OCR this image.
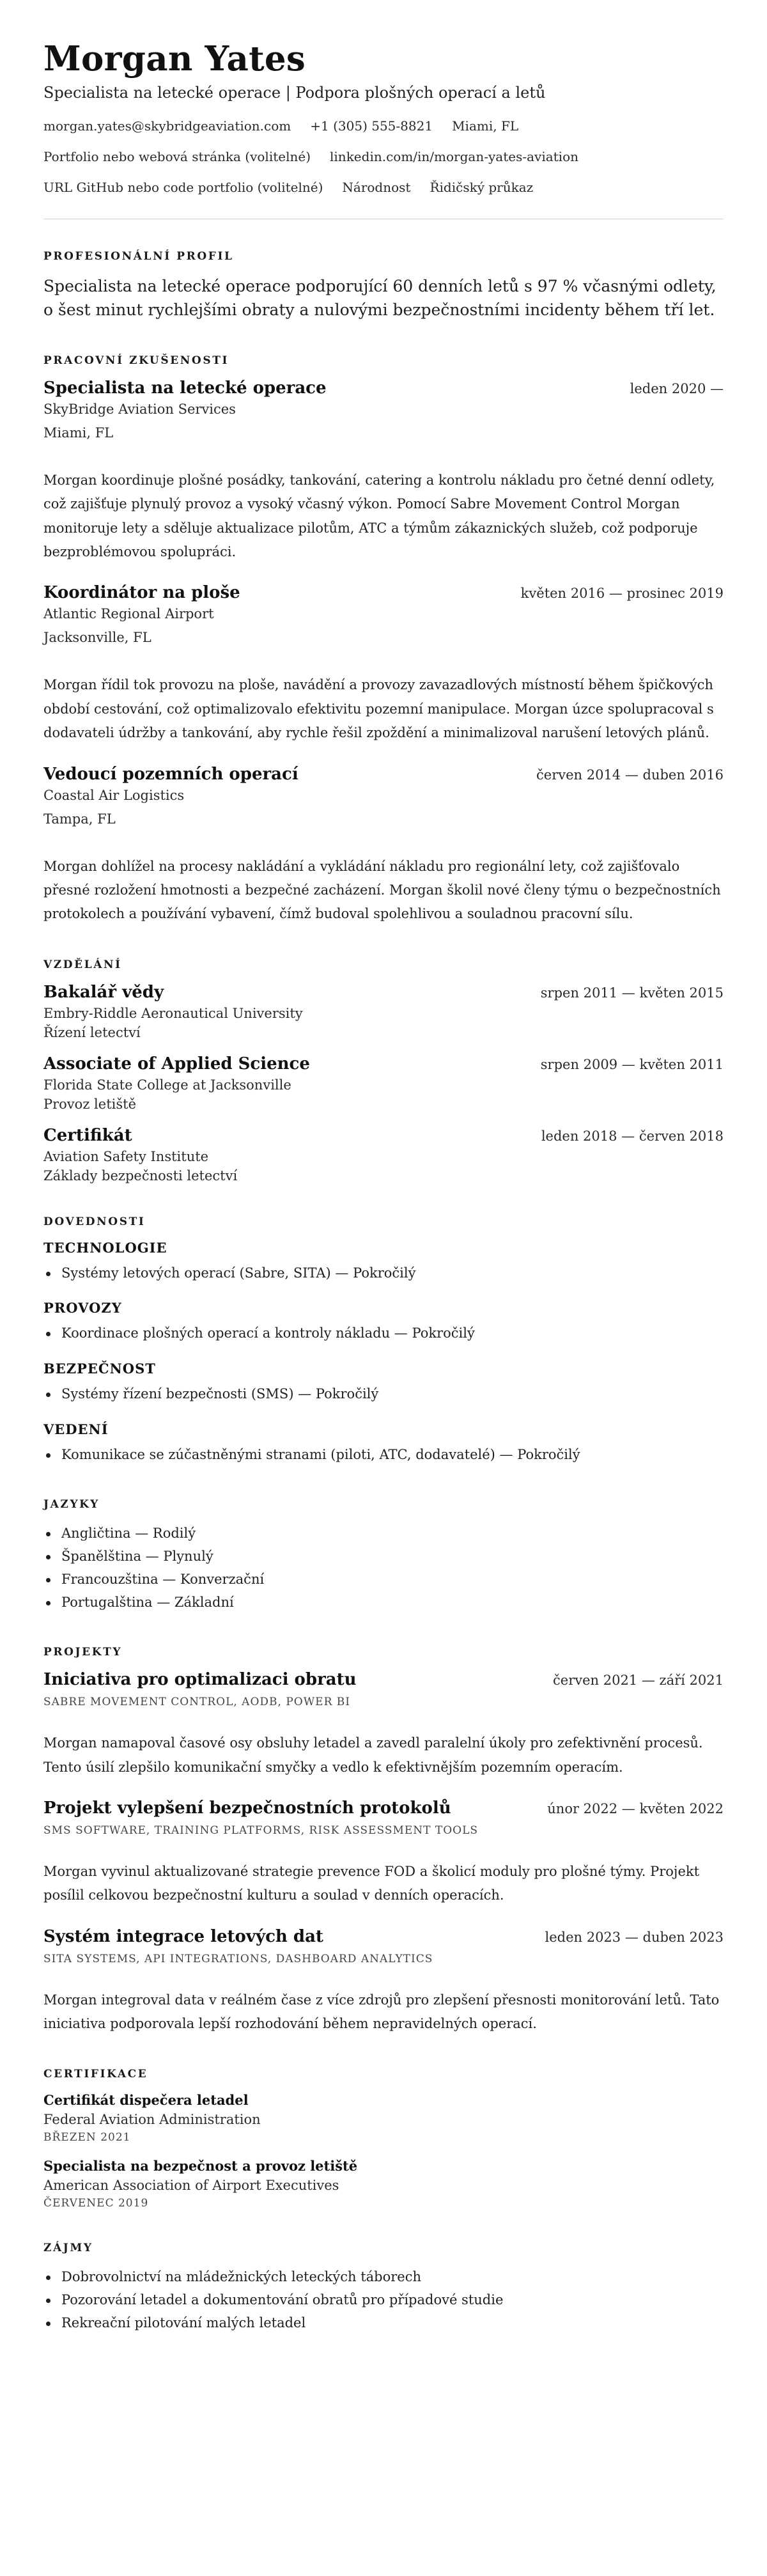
Morgan Yates
Specialista na letecké operace | Podpora plošných operací a letů
morgan.yates@skybridgeaviation.com +1 (305) 555-8821 Miami, FL
Portfolio nebo webová stránka (volitelné) linkedin.com/in/morgan-yates-aviation
URL GitHub nebo code portfolio (volitelné) Národnost Řidičský průkaz
PROFESIONÁLNÍ PROFIL

Specialista na letecké operace podporující 60 denních letů s 97 % včasnými odlety, o šest minut rychlejšími obraty a nulovými bezpečnostními incidenty během tří let.

PRACOVNÍ ZKUŠENOSTI
Specialista na letecké operace	leden 2020 —
SkyBridge Aviation Services
Miami, FL

Morgan koordinuje plošné posádky, tankování, catering a kontrolu nákladu pro četné denní odlety, což zajišťuje plynulý provoz a vysoký včasný výkon. Pomocí Sabre Movement Control Morgan monitoruje lety a sděluje aktualizace pilotům, ATC a týmům zákaznických služeb, což podporuje bezproblémovou spolupráci.

Koordinátor na ploše	květen 2016 — prosinec 2019
Atlantic Regional Airport
Jacksonville, FL

Morgan řídil tok provozu na ploše, navádění a provozy zavazadlových místností během špičkových období cestování, což optimalizovalo efektivitu pozemní manipulace. Morgan úzce spolupracoval s dodavateli údržby a tankování, aby rychle řešil zpoždění a minimalizoval narušení letových plánů.

Vedoucí pozemních operací	červen 2014 — duben 2016
Coastal Air Logistics
Tampa, FL

Morgan dohlížel na procesy nakládání a vykládání nákladu pro regionální lety, což zajišťovalo přesné rozložení hmotnosti a bezpečné zacházení. Morgan školil nové členy týmu o bezpečnostních protokolech a používání vybavení, čímž budoval spolehlivou a souladnou pracovní sílu.

VZDĚLÁNÍ
Bakalář vědy	srpen 2011 — květen 2015
Embry-Riddle Aeronautical University
Řízení letectví
Associate of Applied Science	srpen 2009 — květen 2011
Florida State College at Jacksonville
Provoz letiště
Certifikát	leden 2018 — červen 2018
Aviation Safety Institute
Základy bezpečnosti letectví
DOVEDNOSTI
TECHNOLOGIE
Systémy letových operací (Sabre, SITA) — Pokročilý
PROVOZY
Koordinace plošných operací a kontroly nákladu — Pokročilý
BEZPEČNOST
Systémy řízení bezpečnosti (SMS) — Pokročilý
VEDENÍ
Komunikace se zúčastněnými stranami (piloti, ATC, dodavatelé) — Pokročilý
JAZYKY
Angličtina — Rodilý
Španělština — Plynulý
Francouzština — Konverzační
Portugalština — Základní
PROJEKTY
Iniciativa pro optimalizaci obratu	červen 2021 — září 2021
SABRE MOVEMENT CONTROL, AODB, POWER BI

Morgan namapoval časové osy obsluhy letadel a zavedl paralelní úkoly pro zefektivnění procesů. Tento úsilí zlepšilo komunikační smyčky a vedlo k efektivnějším pozemním operacím.

Projekt vylepšení bezpečnostních protokolů	únor 2022 — květen 2022
SMS SOFTWARE, TRAINING PLATFORMS, RISK ASSESSMENT TOOLS

Morgan vyvinul aktualizované strategie prevence FOD a školicí moduly pro plošné týmy. Projekt posílil celkovou bezpečnostní kulturu a soulad v denních operacích.

Systém integrace letových dat	leden 2023 — duben 2023
SITA SYSTEMS, API INTEGRATIONS, DASHBOARD ANALYTICS

Morgan integroval data v reálném čase z více zdrojů pro zlepšení přesnosti monitorování letů. Tato iniciativa podporovala lepší rozhodování během nepravidelných operací.

CERTIFIKACE
Certifikát dispečera letadel
Federal Aviation Administration
BŘEZEN 2021
Specialista na bezpečnost a provoz letiště
American Association of Airport Executives
ČERVENEC 2019
ZÁJMY
Dobrovolnictví na mládežnických leteckých táborech
Pozorování letadel a dokumentování obratů pro případové studie
Rekreační pilotování malých letadel
